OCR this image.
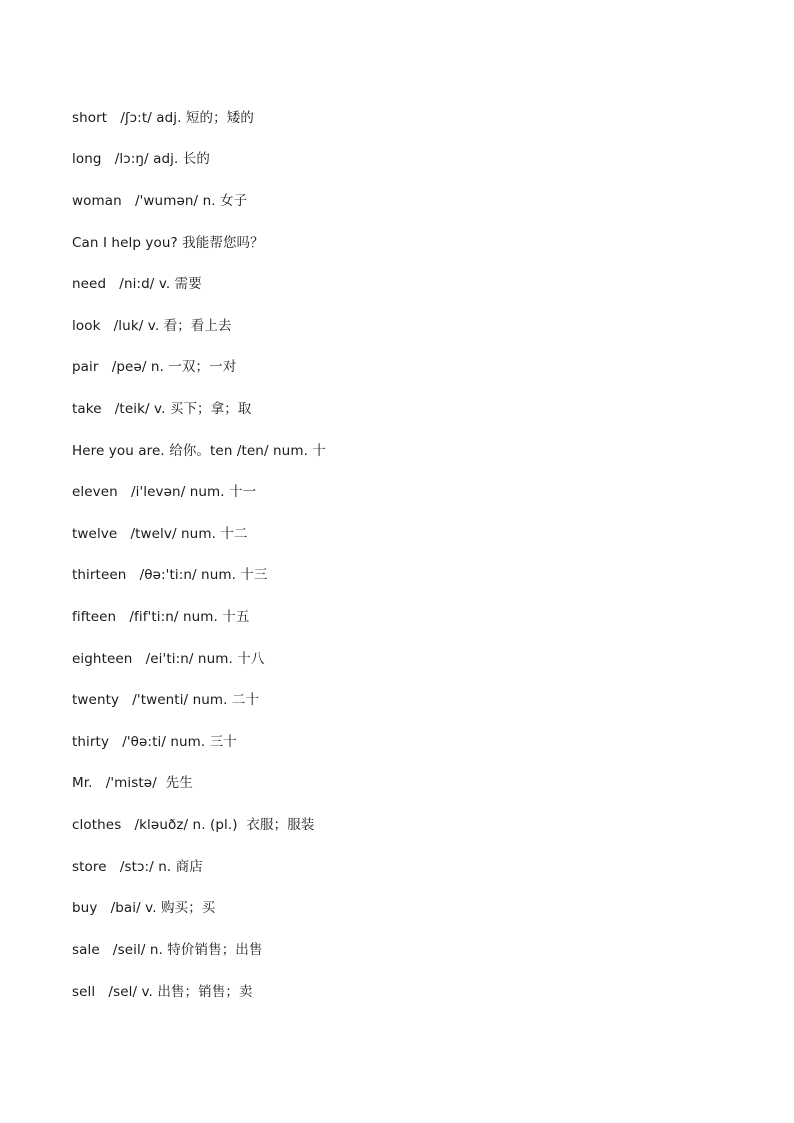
short   /ʃɔ:t/ adj. 短的；矮的
long   /lɔ:ŋ/ adj. 长的
woman   /'wumən/ n. 女子
Can I help you? 我能帮您吗？
need   /ni:d/ v. 需要
look   /luk/ v. 看；看上去
pair   /peə/ n. 一双；一对
take   /teik/ v. 买下；拿；取
Here you are. 给你。ten /ten/ num. 十
eleven   /i'levən/ num. 十一
twelve   /twelv/ num. 十二
thirteen   /θə:'ti:n/ num. 十三
fifteen   /fif'ti:n/ num. 十五
eighteen   /ei'ti:n/ num. 十八
twenty   /'twenti/ num. 二十
thirty   /'θə:ti/ num. 三十
Mr.   /'mistə/  先生
clothes   /kləuðz/ n. (pl.)  衣服；服装
store   /stɔ:/ n. 商店
buy   /bai/ v. 购买；买
sale   /seil/ n. 特价销售；出售
sell   /sel/ v. 出售；销售；卖
